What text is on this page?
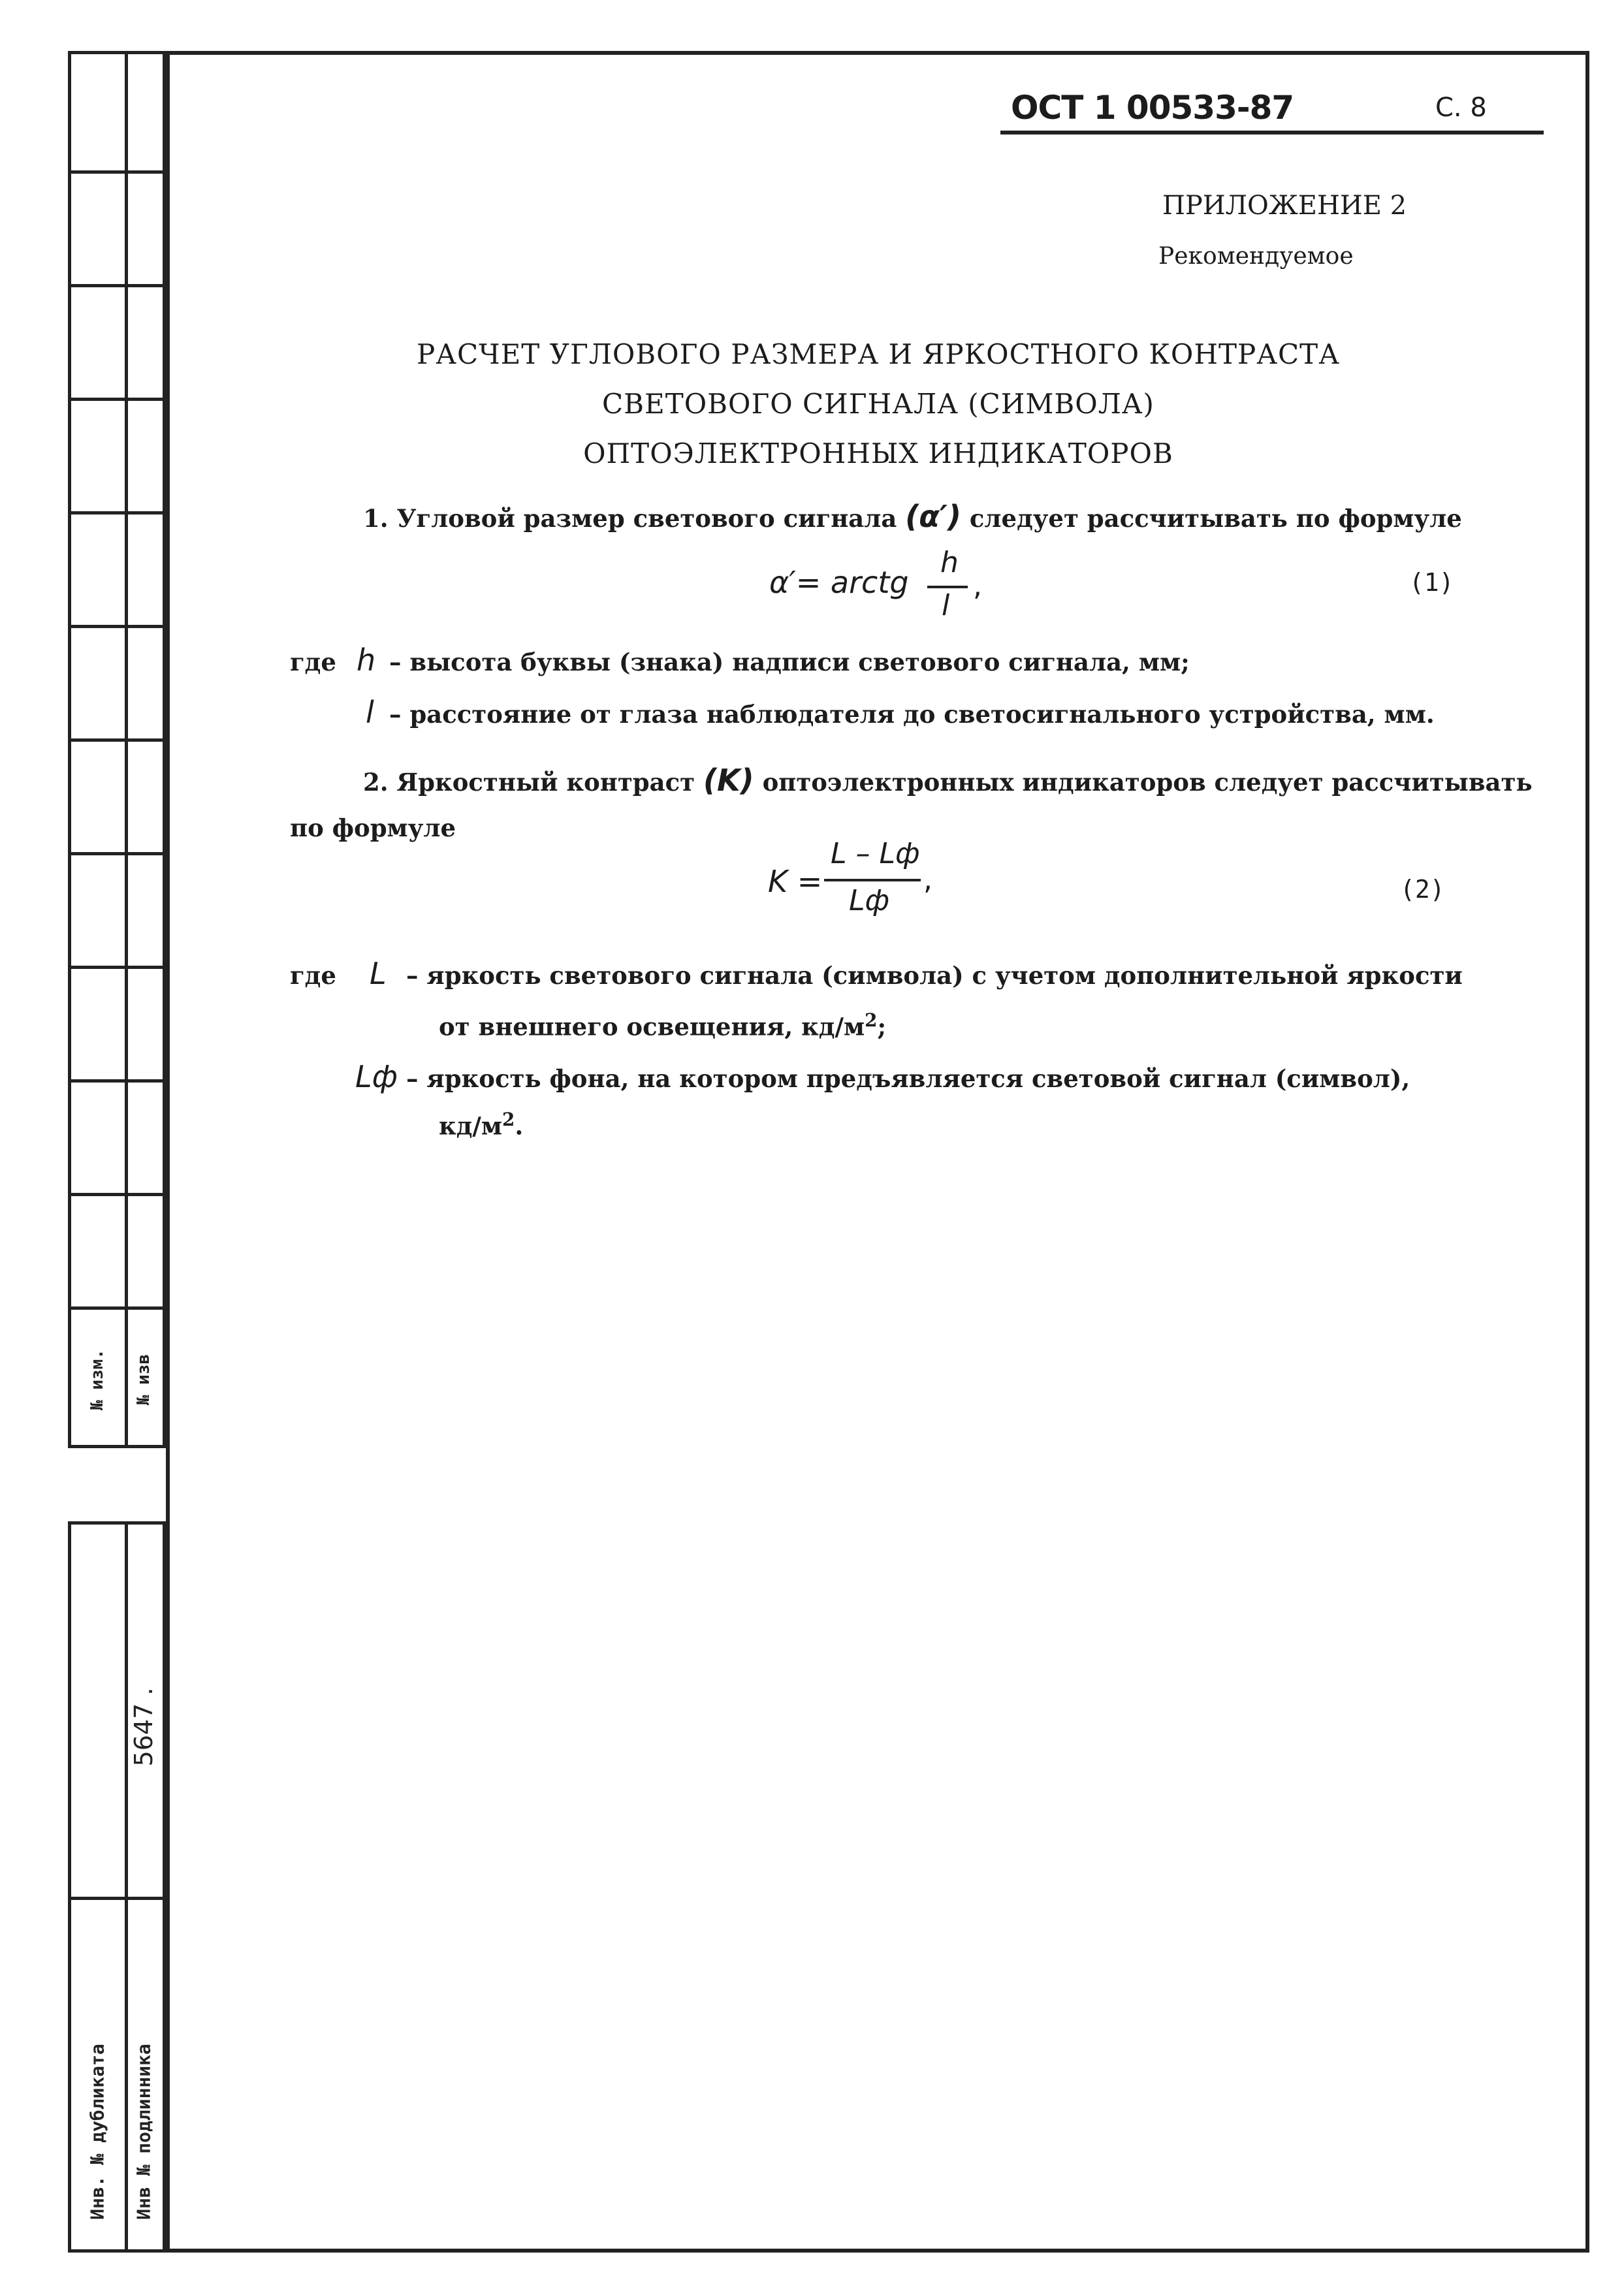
№ изм. № изв
Инв. № дубликата Инв № подлинника
5647 .
ОСТ 1 00533-87	С. 8
ПРИЛОЖЕНИЕ 2
Рекомендуемое
РАСЧЕТ УГЛОВОГО РАЗМЕРА И ЯРКОСТНОГО КОНТРАСТА
СВЕТОВОГО СИГНАЛА (СИМВОЛА)
ОПТОЭЛЕКТРОННЫХ ИНДИКАТОРОВ
1. Угловой размер светового сигнала (α′) следует рассчитывать по формуле
α′= arctg
h
l
,	(1)
где h – высота буквы (знака) надписи светового сигнала, мм;
l – расстояние от глаза наблюдателя до светосигнального устройства, мм.
2. Яркостный контраст (K) оптоэлектронных индикаторов следует рассчитывать
по формуле
K =
L – Lф
Lф
,	(2)
где L – яркость светового сигнала (символа) с учетом дополнительной яркости
от внешнего освещения, $кд/м^2$;
Lф – яркость фона, на котором предъявляется световой сигнал (символ),
$кд/м^2$.
